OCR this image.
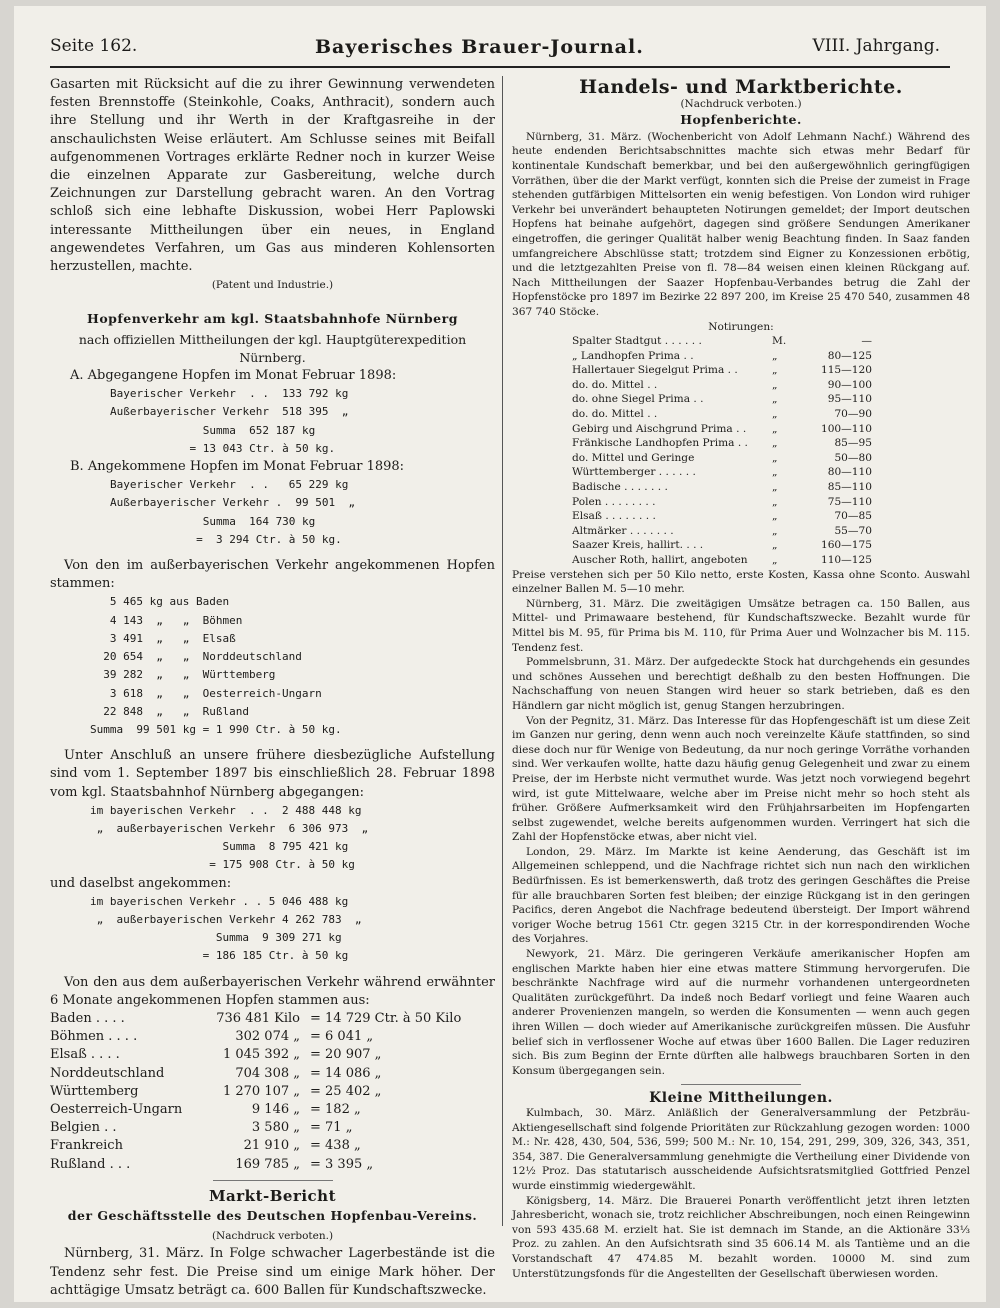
Seite 162.	Bayerisches Brauer-Journal.	VIII. Jahrgang.

Gasarten mit Rücksicht auf die zu ihrer Gewinnung verwendeten festen Brennstoffe (Steinkohle, Coaks, Anthracit), sondern auch ihre Stellung und ihr Werth in der Kraftgasreihe in der anschaulichsten Weise erläutert. Am Schlusse seines mit Beifall aufgenommenen Vortrages erklärte Redner noch in kurzer Weise die einzelnen Apparate zur Gasbereitung, welche durch Zeichnungen zur Darstellung gebracht waren. An den Vortrag schloß sich eine lebhafte Diskussion, wobei Herr Paplowski interessante Mittheilungen über ein neues, in England angewendetes Verfahren, um Gas aus minderen Kohlensorten herzustellen, machte.

(Patent und Industrie.)

Hopfenverkehr am kgl. Staatsbahnhofe Nürnberg

nach offiziellen Mittheilungen der kgl. Hauptgüterexpedition Nürnberg.

A. Abgegangene Hopfen im Monat Februar 1898:

Bayerischer Verkehr  . .  133 792 kg
Außerbayerischer Verkehr  518 395  „
Summa  652 187 kg
= 13 043 Ctr. à 50 kg.

B. Angekommene Hopfen im Monat Februar 1898:

Bayerischer Verkehr  . .   65 229 kg
Außerbayerischer Verkehr .  99 501  „
Summa  164 730 kg
=  3 294 Ctr. à 50 kg.

Von den im außerbayerischen Verkehr angekommenen Hopfen stammen:

5 465 kg aus Baden
4 143  „   „  Böhmen
3 491  „   „  Elsaß
20 654  „   „  Norddeutschland
39 282  „   „  Württemberg
3 618  „   „  Oesterreich-Ungarn
22 848  „   „  Rußland
Summa  99 501 kg = 1 990 Ctr. à 50 kg.

Unter Anschluß an unsere frühere diesbezügliche Aufstellung sind vom 1. September 1897 bis einschließlich 28. Februar 1898 vom kgl. Staatsbahnhof Nürnberg abgegangen:

im bayerischen Verkehr  . .  2 488 448 kg
„  außerbayerischen Verkehr  6 306 973  „
Summa  8 795 421 kg
= 175 908 Ctr. à 50 kg

und daselbst angekommen:

im bayerischen Verkehr . . 5 046 488 kg
„  außerbayerischen Verkehr 4 262 783  „
Summa  9 309 271 kg
= 186 185 Ctr. à 50 kg

Von den aus dem außerbayerischen Verkehr während erwähnter 6 Monate angekommenen Hopfen stammen aus:

Baden . . . .	736 481 Kilo = 14 729 Ctr. à 50 Kilo
Böhmen . . . .	302 074 „ = 6 041 „
Elsaß . . . .	1 045 392 „ = 20 907 „
Norddeutschland	704 308 „ = 14 086 „
Württemberg	1 270 107 „ = 25 402 „
Oesterreich-Ungarn	9 146 „ = 182 „
Belgien . .	3 580 „ = 71 „
Frankreich	21 910 „ = 438 „
Rußland . . .	169 785 „ = 3 395 „

Markt-Bericht

der Geschäftsstelle des Deutschen Hopfenbau-Vereins.

(Nachdruck verboten.)

Nürnberg, 31. März. In Folge schwacher Lagerbestände ist die Tendenz sehr fest. Die Preise sind um einige Mark höher. Der achttägige Umsatz beträgt ca. 600 Ballen für Kundschaftszwecke.

Handels- und Marktberichte.

(Nachdruck verboten.)

Hopfenberichte.

Nürnberg, 31. März. (Wochenbericht von Adolf Lehmann Nachf.) Während des heute endenden Berichtsabschnittes machte sich etwas mehr Bedarf für kontinentale Kundschaft bemerkbar, und bei den außergewöhnlich geringfügigen Vorräthen, über die der Markt verfügt, konnten sich die Preise der zumeist in Frage stehenden gutfärbigen Mittelsorten ein wenig befestigen. Von London wird ruhiger Verkehr bei unverändert behaupteten Notirungen gemeldet; der Import deutschen Hopfens hat beinahe aufgehört, dagegen sind größere Sendungen Amerikaner eingetroffen, die geringer Qualität halber wenig Beachtung finden. In Saaz fanden umfangreichere Abschlüsse statt; trotzdem sind Eigner zu Konzessionen erbötig, und die letztgezahlten Preise von fl. 78—84 weisen einen kleinen Rückgang auf. Nach Mittheilungen der Saazer Hopfenbau-Verbandes betrug die Zahl der Hopfenstöcke pro 1897 im Bezirke 22 897 200, im Kreise 25 470 540, zusammen 48 367 740 Stöcke.

Notirungen:

Spalter Stadtgut . . . . . .	M.	—
„ Landhopfen Prima . .	„	80—125
Hallertauer Siegelgut Prima . .	„	115—120
do. do. Mittel . .	„	90—100
do. ohne Siegel Prima . .	„	95—110
do. do. Mittel . .	„	70—90
Gebirg und Aischgrund Prima . .	„	100—110
Fränkische Landhopfen Prima . .	„	85—95
do. Mittel und Geringe	„	50—80
Württemberger . . . . . .	„	80—110
Badische . . . . . . .	„	85—110
Polen . . . . . . . .	„	75—110
Elsaß . . . . . . . .	„	70—85
Altmärker . . . . . . .	„	55—70
Saazer Kreis, hallirt. . . .	„	160—175
Auscher Roth, hallirt, angeboten	„	110—125

Preise verstehen sich per 50 Kilo netto, erste Kosten, Kassa ohne Sconto. Auswahl einzelner Ballen M. 5—10 mehr.

Nürnberg, 31. März. Die zweitägigen Umsätze betragen ca. 150 Ballen, aus Mittel- und Primawaare bestehend, für Kundschaftszwecke. Bezahlt wurde für Mittel bis M. 95, für Prima bis M. 110, für Prima Auer und Wolnzacher bis M. 115. Tendenz fest.

Pommelsbrunn, 31. März. Der aufgedeckte Stock hat durchgehends ein gesundes und schönes Aussehen und berechtigt deßhalb zu den besten Hoffnungen. Die Nachschaffung von neuen Stangen wird heuer so stark betrieben, daß es den Händlern gar nicht möglich ist, genug Stangen herzubringen.

Von der Pegnitz, 31. März. Das Interesse für das Hopfengeschäft ist um diese Zeit im Ganzen nur gering, denn wenn auch noch vereinzelte Käufe stattfinden, so sind diese doch nur für Wenige von Bedeutung, da nur noch geringe Vorräthe vorhanden sind. Wer verkaufen wollte, hatte dazu häufig genug Gelegenheit und zwar zu einem Preise, der im Herbste nicht vermuthet wurde. Was jetzt noch vorwiegend begehrt wird, ist gute Mittelwaare, welche aber im Preise nicht mehr so hoch steht als früher. Größere Aufmerksamkeit wird den Frühjahrsarbeiten im Hopfengarten selbst zugewendet, welche bereits aufgenommen wurden. Verringert hat sich die Zahl der Hopfenstöcke etwas, aber nicht viel.

London, 29. März. Im Markte ist keine Aenderung, das Geschäft ist im Allgemeinen schleppend, und die Nachfrage richtet sich nun nach den wirklichen Bedürfnissen. Es ist bemerkenswerth, daß trotz des geringen Geschäftes die Preise für alle brauchbaren Sorten fest bleiben; der einzige Rückgang ist in den geringen Pacifics, deren Angebot die Nachfrage bedeutend übersteigt. Der Import während voriger Woche betrug 1561 Ctr. gegen 3215 Ctr. in der korrespondirenden Woche des Vorjahres.

Newyork, 21. März. Die geringeren Verkäufe amerikanischer Hopfen am englischen Markte haben hier eine etwas mattere Stimmung hervorgerufen. Die beschränkte Nachfrage wird auf die nurmehr vorhandenen untergeordneten Qualitäten zurückgeführt. Da indeß noch Bedarf vorliegt und feine Waaren auch anderer Provenienzen mangeln, so werden die Konsumenten — wenn auch gegen ihren Willen — doch wieder auf Amerikanische zurückgreifen müssen. Die Ausfuhr belief sich in verflossener Woche auf etwas über 1600 Ballen. Die Lager reduziren sich. Bis zum Beginn der Ernte dürften alle halbwegs brauchbaren Sorten in den Konsum übergegangen sein.

Kleine Mittheilungen.

Kulmbach, 30. März. Anläßlich der Generalversammlung der Petzbräu-Aktiengesellschaft sind folgende Prioritäten zur Rückzahlung gezogen worden: 1000 M.: Nr. 428, 430, 504, 536, 599; 500 M.: Nr. 10, 154, 291, 299, 309, 326, 343, 351, 354, 387. Die Generalversammlung genehmigte die Vertheilung einer Dividende von 12½ Proz. Das statutarisch ausscheidende Aufsichtsratsmitglied Gottfried Penzel wurde einstimmig wiedergewählt.

Königsberg, 14. März. Die Brauerei Ponarth veröffentlicht jetzt ihren letzten Jahresbericht, wonach sie, trotz reichlicher Abschreibungen, noch einen Reingewinn von 593 435.68 M. erzielt hat. Sie ist demnach im Stande, an die Aktionäre 33⅓ Proz. zu zahlen. An den Aufsichtsrath sind 35 606.14 M. als Tantième und an die Vorstandschaft 47 474.85 M. bezahlt worden. 10000 M. sind zum Unterstützungsfonds für die Angestellten der Gesellschaft überwiesen worden.
